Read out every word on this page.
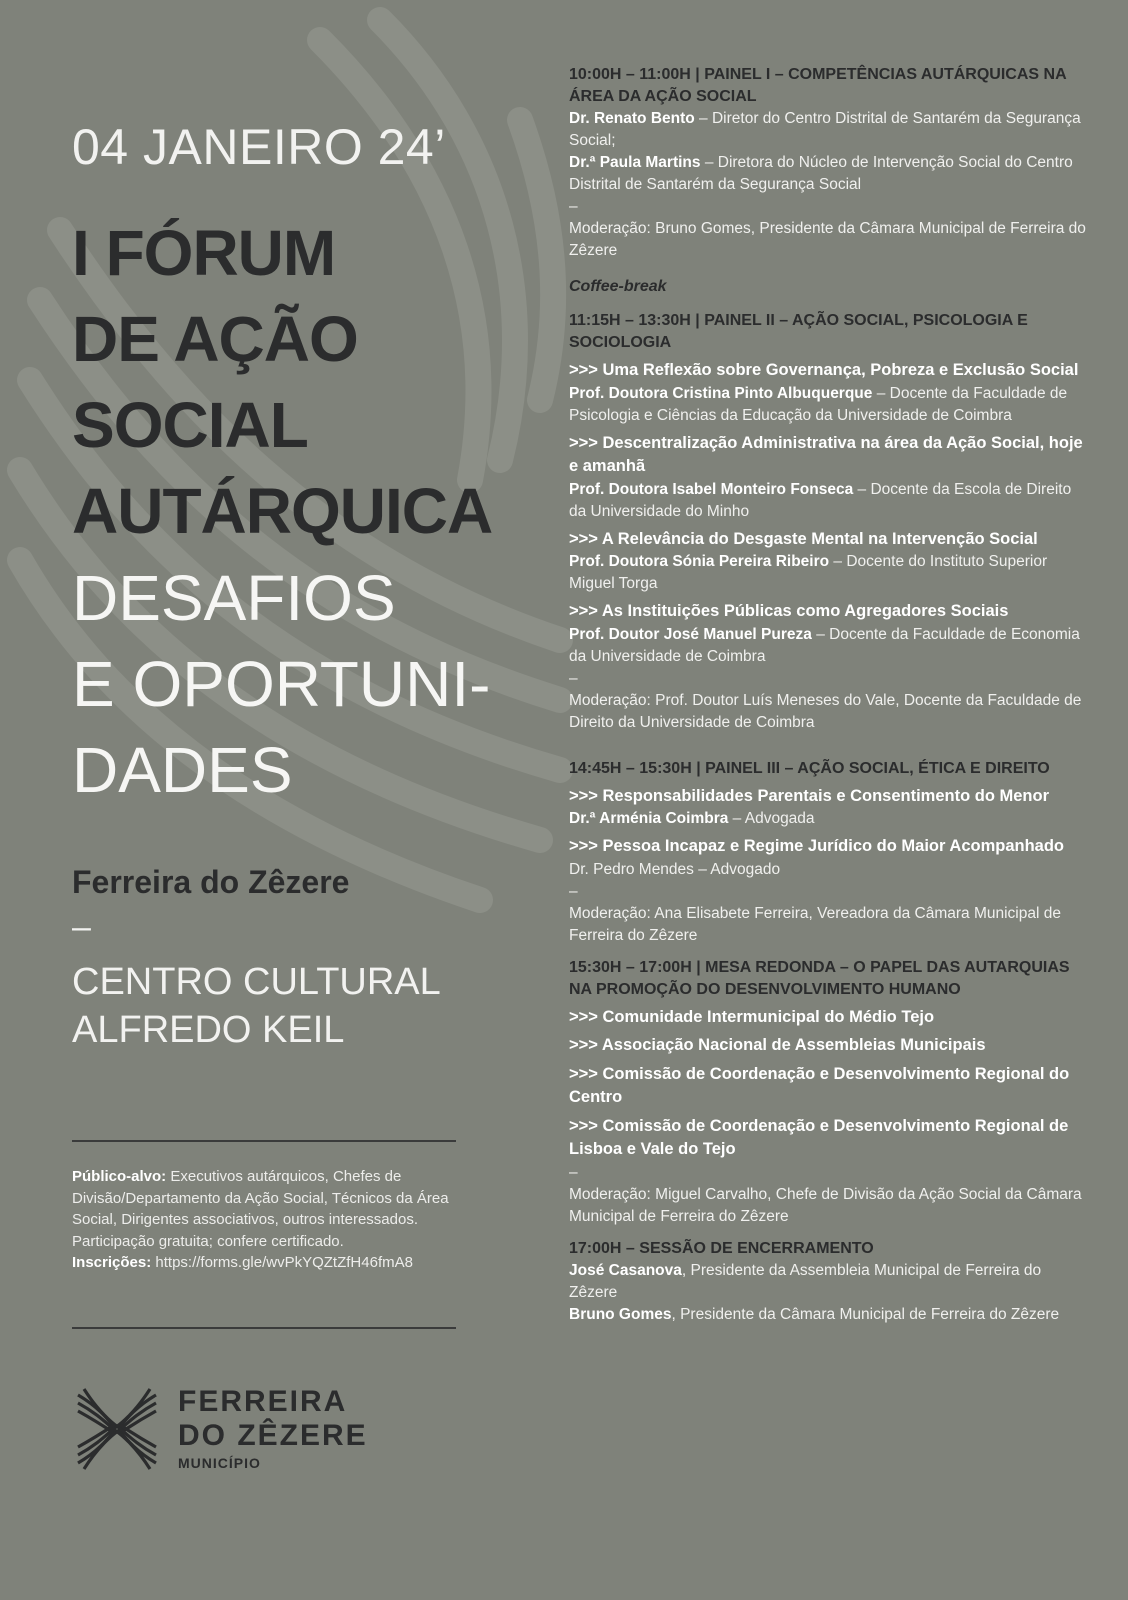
04 JANEIRO 24’
I FÓRUM
DE AÇÃO
SOCIAL
AUTÁRQUICA
DESAFIOS
E OPORTUNI-
DADES
Ferreira do Zêzere
–
CENTRO CULTURAL
ALFREDO KEIL
Público-alvo: Executivos autárquicos, Chefes de Divisão/Departamento da Ação Social, Técnicos da Área Social, Dirigentes associativos, outros interessados. Participação gratuita; confere certificado.
Inscrições: https://forms.gle/wvPkYQZtZfH46fmA8
FERREIRA
DO ZÊZERE
MUNICÍPIO
10:00H – 11:00H | PAINEL I – COMPETÊNCIAS AUTÁRQUICAS NA ÁREA DA AÇÃO SOCIAL
Dr. Renato Bento – Diretor do Centro Distrital de Santarém da Segurança Social;
Dr.ª Paula Martins – Diretora do Núcleo de Intervenção Social do Centro Distrital de Santarém da Segurança Social
–
Moderação: Bruno Gomes, Presidente da Câmara Municipal de Ferreira do Zêzere
Coffee-break
11:15H – 13:30H | PAINEL II – AÇÃO SOCIAL, PSICOLOGIA E SOCIOLOGIA
>>> Uma Reflexão sobre Governança, Pobreza e Exclusão Social
Prof. Doutora Cristina Pinto Albuquerque – Docente da Faculdade de Psicologia e Ciências da Educação da Universidade de Coimbra
>>> Descentralização Administrativa na área da Ação Social, hoje e amanhã
Prof. Doutora Isabel Monteiro Fonseca – Docente da Escola de Direito da Universidade do Minho
>>> A Relevância do Desgaste Mental na Intervenção Social
Prof. Doutora Sónia Pereira Ribeiro – Docente do Instituto Superior Miguel Torga
>>> As Instituições Públicas como Agregadores Sociais
Prof. Doutor José Manuel Pureza – Docente da Faculdade de Economia da Universidade de Coimbra
–
Moderação: Prof. Doutor Luís Meneses do Vale, Docente da Faculdade de Direito da Universidade de Coimbra
14:45H – 15:30H | PAINEL III – AÇÃO SOCIAL, ÉTICA E DIREITO
>>> Responsabilidades Parentais e Consentimento do Menor
Dr.ª Arménia Coimbra – Advogada
>>> Pessoa Incapaz e Regime Jurídico do Maior Acompanhado
Dr. Pedro Mendes – Advogado
–
Moderação: Ana Elisabete Ferreira, Vereadora da Câmara Municipal de Ferreira do Zêzere
15:30H – 17:00H | MESA REDONDA – O PAPEL DAS AUTARQUIAS NA PROMOÇÃO DO DESENVOLVIMENTO HUMANO
>>> Comunidade Intermunicipal do Médio Tejo
>>> Associação Nacional de Assembleias Municipais
>>> Comissão de Coordenação e Desenvolvimento Regional do Centro
>>> Comissão de Coordenação e Desenvolvimento Regional de Lisboa e Vale do Tejo
–
Moderação: Miguel Carvalho, Chefe de Divisão da Ação Social da Câmara Municipal de Ferreira do Zêzere
17:00H – SESSÃO DE ENCERRAMENTO
José Casanova, Presidente da Assembleia Municipal de Ferreira do Zêzere
Bruno Gomes, Presidente da Câmara Municipal de Ferreira do Zêzere
